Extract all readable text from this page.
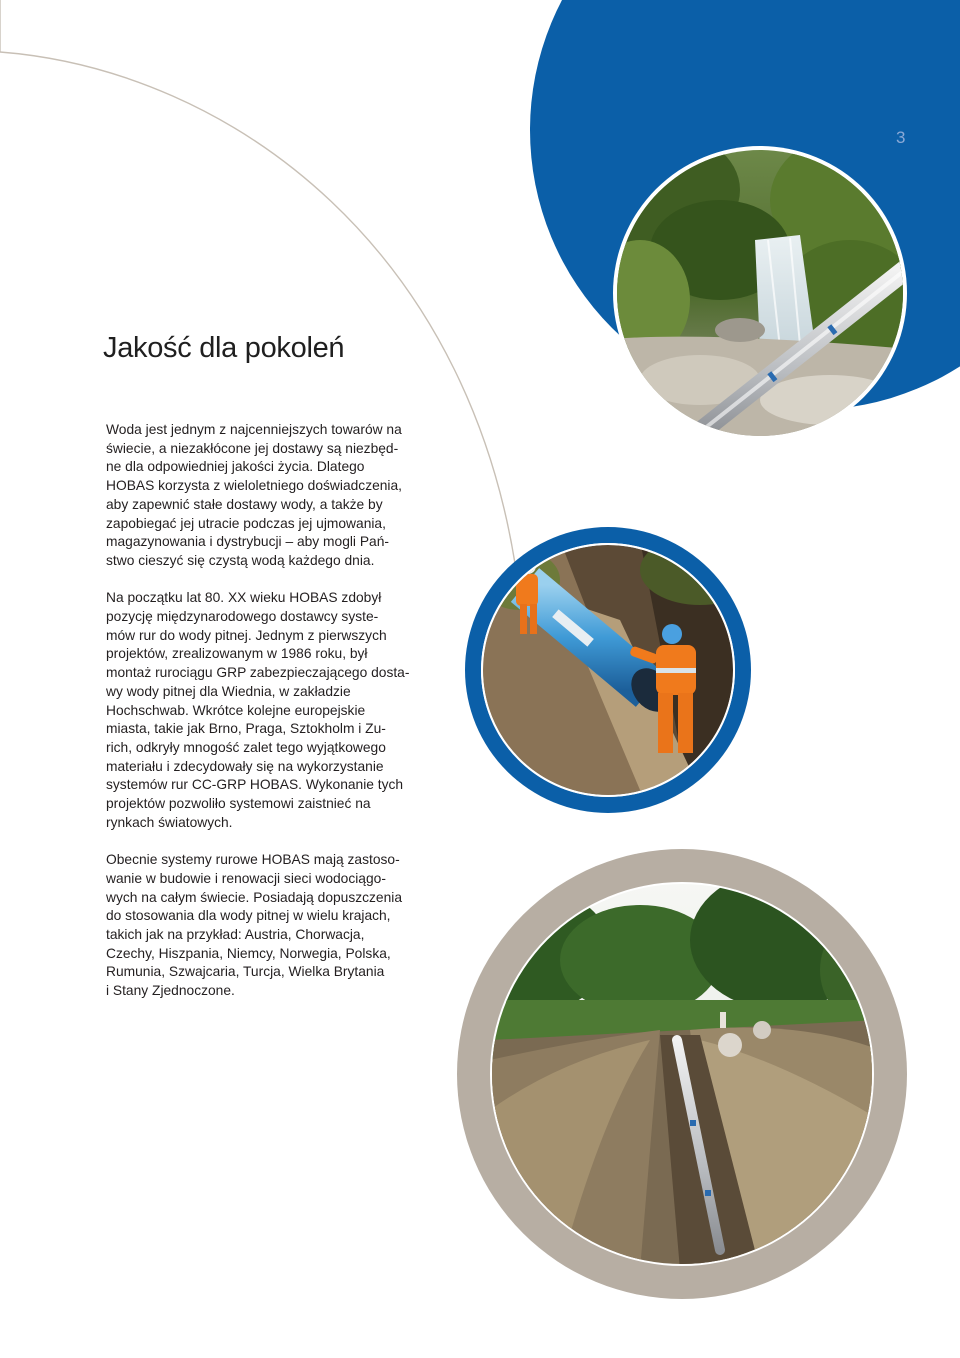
3
Jakość dla pokoleń

Woda jest jednym z najcenniejszych towarów na
świecie, a niezakłócone jej dostawy są niezbęd-
ne dla odpowiedniej jakości życia. Dlatego
HOBAS korzysta z wieloletniego doświadczenia,
aby zapewnić stałe dostawy wody, a także by
zapobiegać jej utracie podczas jej ujmowania,
magazynowania i dystrybucji – aby mogli Pań-
stwo cieszyć się czystą wodą każdego dnia.

Na początku lat 80. XX wieku HOBAS zdobył
pozycję międzynarodowego dostawcy syste-
mów rur do wody pitnej. Jednym z pierwszych
projektów, zrealizowanym w 1986 roku, był
montaż rurociągu GRP zabezpieczającego dosta-
wy wody pitnej dla Wiednia, w zakładzie
Hochschwab. Wkrótce kolejne europejskie
miasta, takie jak Brno, Praga, Sztokholm i Zu-
rich, odkryły mnogość zalet tego wyjątkowego
materiału i zdecydowały się na wykorzystanie
systemów rur CC-GRP HOBAS. Wykonanie tych
projektów pozwoliło systemowi zaistnieć na
rynkach światowych.

Obecnie systemy rurowe HOBAS mają zastoso-
wanie w budowie i renowacji sieci wodociągo-
wych na całym świecie. Posiadają dopuszczenia
do stosowania dla wody pitnej w wielu krajach,
takich jak na przykład: Austria, Chorwacja,
Czechy, Hiszpania, Niemcy, Norwegia, Polska,
Rumunia, Szwajcaria, Turcja, Wielka Brytania
i Stany Zjednoczone.
